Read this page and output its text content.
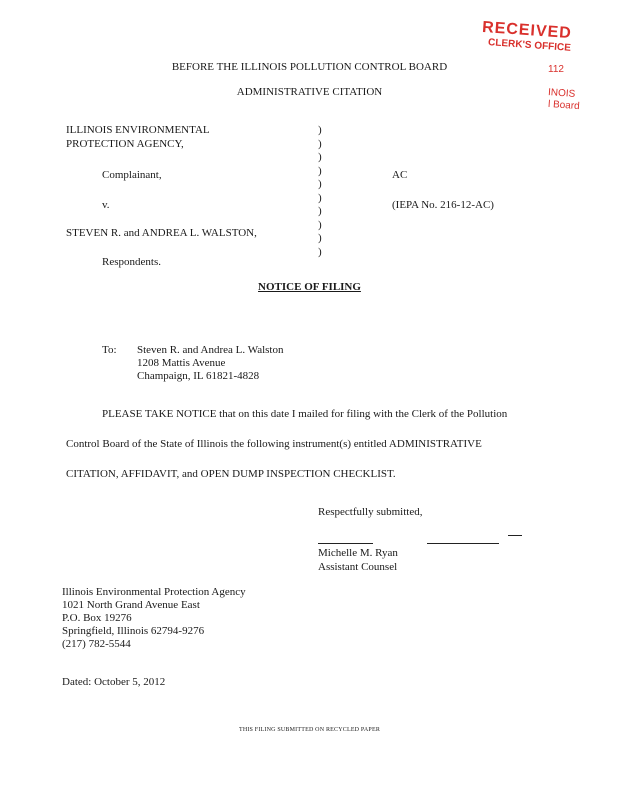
RECEIVED
CLERK'S OFFICE
112
INOIS
l Board
BEFORE THE ILLINOIS POLLUTION CONTROL BOARD
ADMINISTRATIVE CITATION
ILLINOIS ENVIRONMENTAL
PROTECTION AGENCY,
Complainant,
v.
STEVEN R. and ANDREA L. WALSTON,
Respondents.
)
)
)
)
)
)
)
)
)
)
AC
(IEPA No. 216-12-AC)
NOTICE OF FILING
To: Steven R. and Andrea L. Walston
1208 Mattis Avenue
Champaign, IL 61821-4828
PLEASE TAKE NOTICE that on this date I mailed for filing with the Clerk of the Pollution
Control Board of the State of Illinois the following instrument(s) entitled ADMINISTRATIVE
CITATION, AFFIDAVIT, and OPEN DUMP INSPECTION CHECKLIST.
Respectfully submitted,
Michelle M. Ryan
Assistant Counsel
Illinois Environmental Protection Agency
1021 North Grand Avenue East
P.O. Box 19276
Springfield, Illinois 62794-9276
(217) 782-5544
Dated: October 5, 2012
THIS FILING SUBMITTED ON RECYCLED PAPER
